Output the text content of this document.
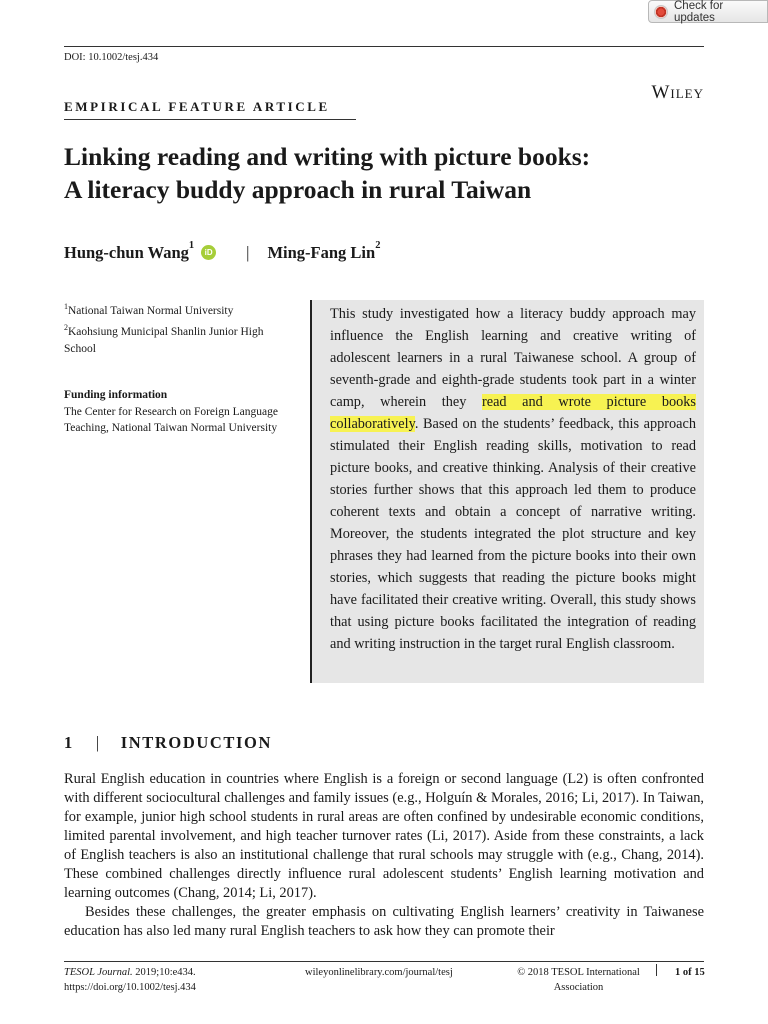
Check for updates
DOI: 10.1002/tesj.434
Wiley
EMPIRICAL FEATURE ARTICLE
Linking reading and writing with picture books:
A literacy buddy approach in rural Taiwan
Hung-chun Wang$^1$
iD | Ming-Fang Lin$^2$
$^1$National Taiwan Normal University
$^2$Kaohsiung Municipal Shanlin Junior High School
Funding information
The Center for Research on Foreign Language Teaching, National Taiwan Normal University
This study investigated how a literacy buddy approach may influence the English learning and creative writing of adolescent learners in a rural Taiwanese school. A group of seventh-grade and eighth-grade students took part in a winter camp, wherein they read and wrote picture books collaboratively. Based on the students’ feedback, this approach stimulated their English reading skills, motivation to read picture books, and creative thinking. Analysis of their creative stories further shows that this approach led them to produce coherent texts and obtain a concept of narrative writing. Moreover, the students integrated the plot structure and key phrases they had learned from the picture books into their own stories, which suggests that reading the picture books might have facilitated their creative writing. Overall, this study shows that using picture books facilitated the integration of reading and writing instruction in the target rural English classroom.
1 | INTRODUCTION

Rural English education in countries where English is a foreign or second language (L2) is often confronted with different sociocultural challenges and family issues (e.g., Holguín & Morales, 2016; Li, 2017). In Taiwan, for example, junior high school students in rural areas are often confined by undesirable economic conditions, limited parental involvement, and high teacher turnover rates (Li, 2017). Aside from these constraints, a lack of English teachers is also an institutional challenge that rural schools may struggle with (e.g., Chang, 2014). These combined challenges directly influence rural adolescent students’ English learning motivation and learning outcomes (Chang, 2014; Li, 2017).

Besides these challenges, the greater emphasis on cultivating English learners’ creativity in Taiwanese education has also led many rural English teachers to ask how they can promote their

TESOL Journal. 2019;10:e434.
https://doi.org/10.1002/tesj.434
wileyonlinelibrary.com/journal/tesj	© 2018 TESOL International Association
1 of 15
